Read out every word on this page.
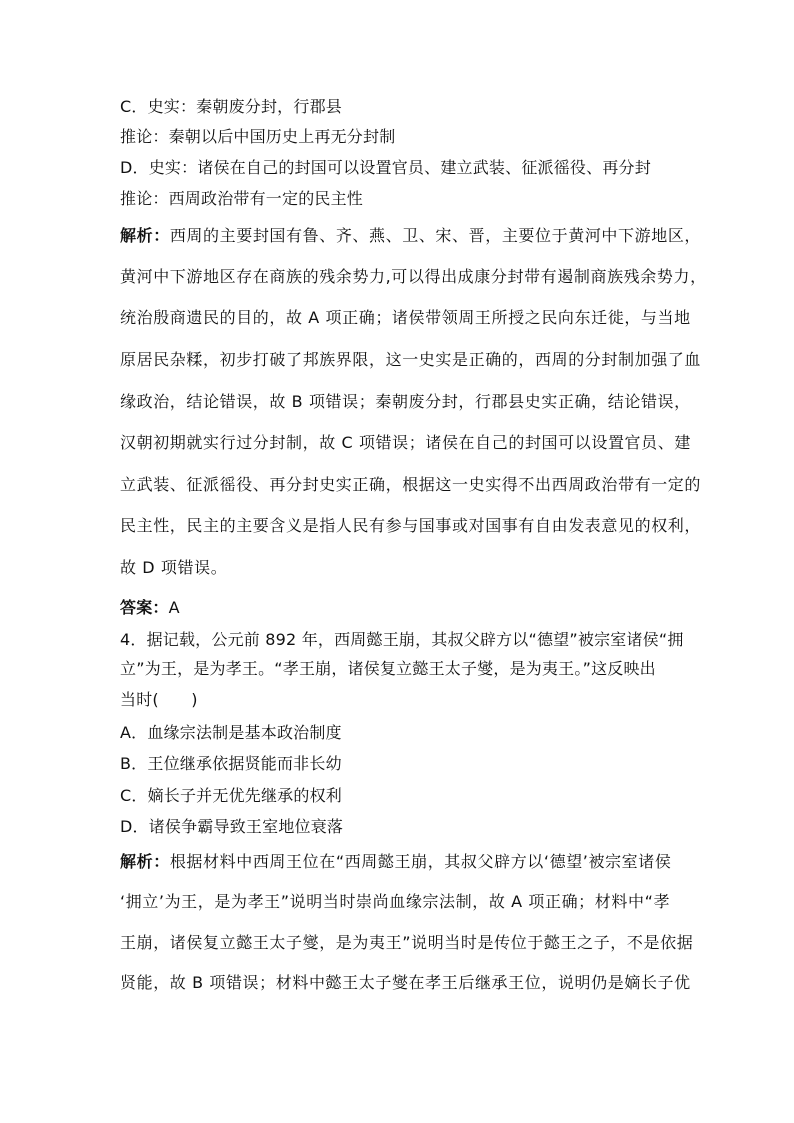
C．史实：秦朝废分封，行郡县
推论：秦朝以后中国历史上再无分封制
D．史实：诸侯在自己的封国可以设置官员、建立武装、征派徭役、再分封
推论：西周政治带有一定的民主性
解析：西周的主要封国有鲁、齐、燕、卫、宋、晋，主要位于黄河中下游地区，
黄河中下游地区存在商族的残余势力,可以得出成康分封带有遏制商族残余势力，
统治殷商遗民的目的，故 A 项正确；诸侯带领周王所授之民向东迁徙，与当地
原居民杂糅，初步打破了邦族界限，这一史实是正确的，西周的分封制加强了血
缘政治，结论错误，故 B 项错误；秦朝废分封，行郡县史实正确，结论错误，
汉朝初期就实行过分封制，故 C 项错误；诸侯在自己的封国可以设置官员、建
立武装、征派徭役、再分封史实正确，根据这一史实得不出西周政治带有一定的
民主性，民主的主要含义是指人民有参与国事或对国事有自由发表意见的权利，
故 D 项错误。
答案：A
4．据记载，公元前 892 年，西周懿王崩，其叔父辟方以“德望”被宗室诸侯“拥
立”为王，是为孝王。“孝王崩，诸侯复立懿王太子燮，是为夷王。”这反映出
当时(　　)
A．血缘宗法制是基本政治制度
B．王位继承依据贤能而非长幼
C．嫡长子并无优先继承的权利
D．诸侯争霸导致王室地位衰落
解析：根据材料中西周王位在“西周懿王崩，其叔父辟方以‘德望’被宗室诸侯
‘拥立’为王，是为孝王”说明当时崇尚血缘宗法制，故 A 项正确；材料中“孝
王崩，诸侯复立懿王太子燮，是为夷王”说明当时是传位于懿王之子，不是依据
贤能，故 B 项错误；材料中懿王太子燮在孝王后继承王位，说明仍是嫡长子优
